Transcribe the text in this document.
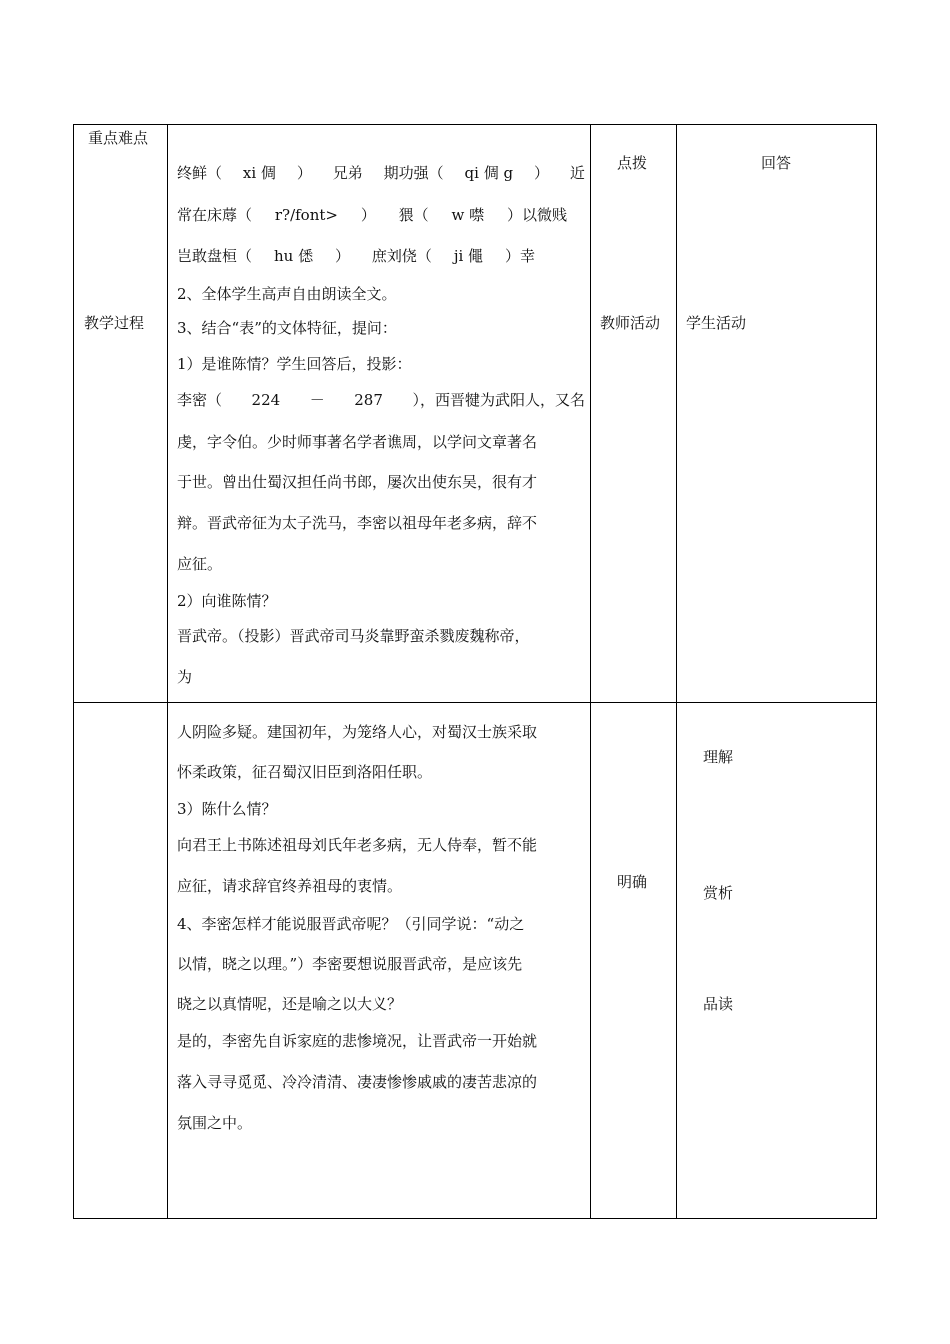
重点难点
教学过程
点拨
教师活动
回答
学生活动
终鲜（ xi 倜 ） 兄弟 期功强（ qi 倜 g ） 近
常在床蓐（ r?/font> ） 猥（ w 噤 ）以微贱
岂敢盘桓（ hu 僁 ） 庶刘侥（ ji 僶 ）幸
2、全体学生高声自由朗读全文。
3、结合“表”的文体特征，提问：
1）是谁陈情？学生回答后，投影：
李密（ 224 － 287 ），西晋犍为武阳人，又名
虔，字令伯。少时师事著名学者谯周，以学问文章著名
于世。曾出仕蜀汉担任尚书郎，屡次出使东吴，很有才
辩。晋武帝征为太子洗马，李密以祖母年老多病，辞不
应征。
2）向谁陈情？
晋武帝。（投影）晋武帝司马炎靠野蛮杀戮废魏称帝，
为
明确
理解
赏析
品读
人阴险多疑。建国初年，为笼络人心，对蜀汉士族采取
怀柔政策，征召蜀汉旧臣到洛阳任职。
3）陈什么情？
向君王上书陈述祖母刘氏年老多病，无人侍奉，暂不能
应征，请求辞官终养祖母的衷情。
4、李密怎样才能说服晋武帝呢？（引同学说：“动之
以情，晓之以理。”）李密要想说服晋武帝，是应该先
晓之以真情呢，还是喻之以大义？
是的，李密先自诉家庭的悲惨境况，让晋武帝一开始就
落入寻寻觅觅、冷冷清清、凄凄惨惨戚戚的凄苦悲凉的
氛围之中。
